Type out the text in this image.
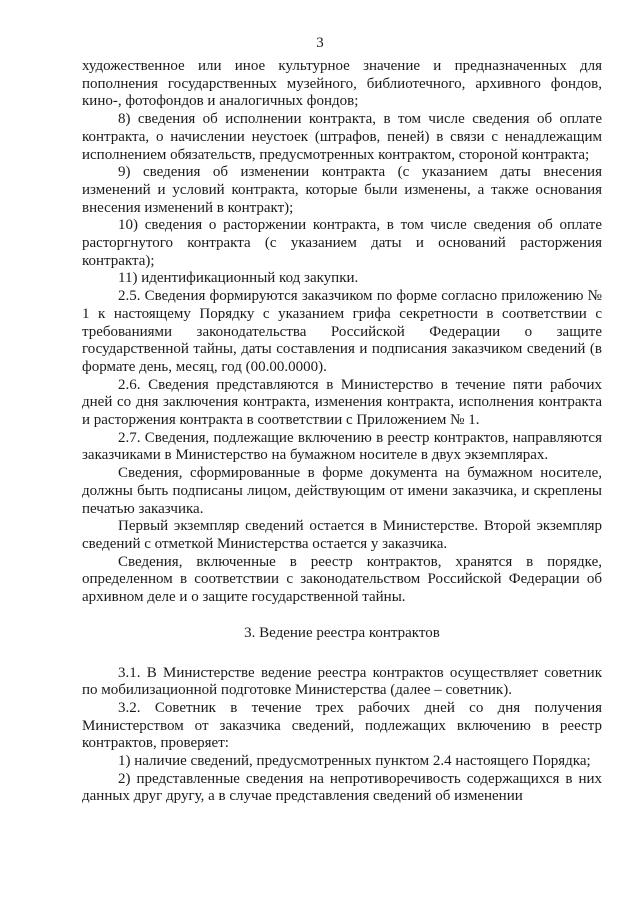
3

художественное или иное культурное значение и предназначенных для пополнения государственных музейного, библиотечного, архивного фондов, кино-, фотофондов и аналогичных фондов;

8) сведения об исполнении контракта, в том числе сведения об оплате контракта, о начислении неустоек (штрафов, пеней) в связи с ненадлежащим исполнением обязательств, предусмотренных контрактом, стороной контракта;

9) сведения об изменении контракта (с указанием даты внесения изменений и условий контракта, которые были изменены, а также основания внесения изменений в контракт);

10) сведения о расторжении контракта, в том числе сведения об оплате расторгнутого контракта (с указанием даты и оснований расторжения контракта);

11) идентификационный код закупки.

2.5. Сведения формируются заказчиком по форме согласно приложению № 1 к настоящему Порядку с указанием грифа секретности в соответствии с требованиями законодательства Российской Федерации о защите государственной тайны, даты составления и подписания заказчиком сведений (в формате день, месяц, год (00.00.0000).

2.6. Сведения представляются в Министерство в течение пяти рабочих дней со дня заключения контракта, изменения контракта, исполнения контракта и расторжения контракта в соответствии с Приложением № 1.

2.7. Сведения, подлежащие включению в реестр контрактов, направляются заказчиками в Министерство на бумажном носителе в двух экземплярах.

Сведения, сформированные в форме документа на бумажном носителе, должны быть подписаны лицом, действующим от имени заказчика, и скреплены печатью заказчика.

Первый экземпляр сведений остается в Министерстве. Второй экземпляр сведений с отметкой Министерства остается у заказчика.

Сведения, включенные в реестр контрактов, хранятся в порядке, определенном в соответствии с законодательством Российской Федерации об архивном деле и о защите государственной тайны.

3. Ведение реестра контрактов

3.1. В Министерстве ведение реестра контрактов осуществляет советник по мобилизационной подготовке Министерства (далее – советник).

3.2. Советник в течение трех рабочих дней со дня получения Министерством от заказчика сведений, подлежащих включению в реестр контрактов, проверяет:

1) наличие сведений, предусмотренных пунктом 2.4 настоящего Порядка;

2) представленные сведения на непротиворечивость содержащихся в них данных друг другу, а в случае представления сведений об изменении
